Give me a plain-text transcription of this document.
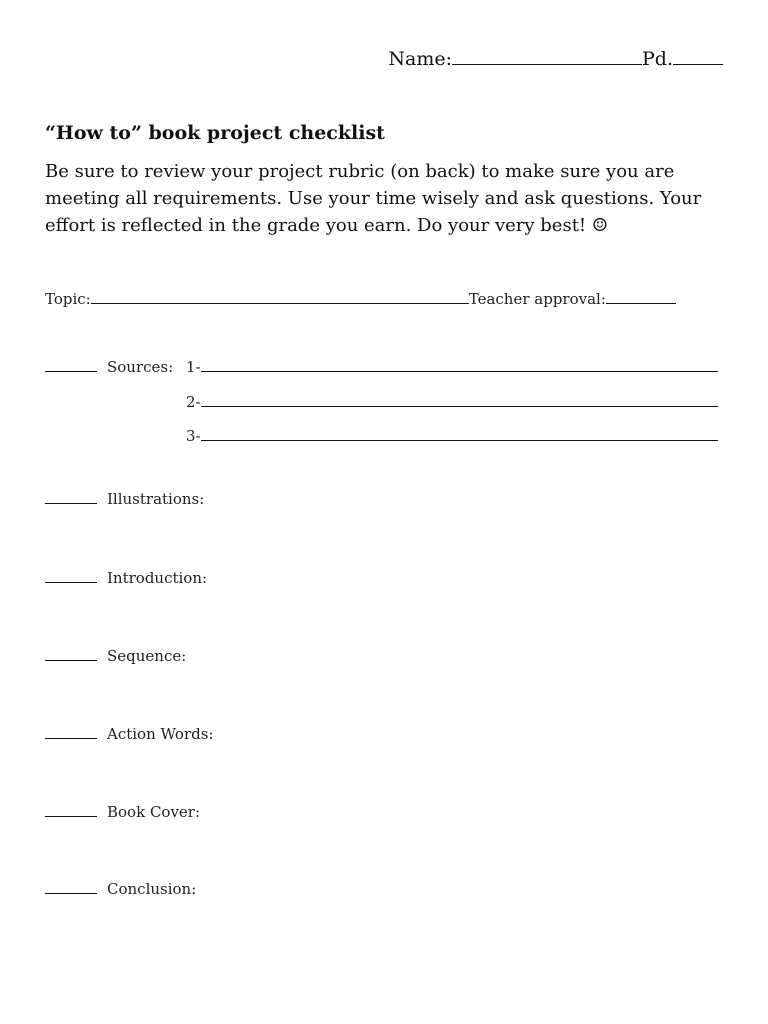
Name:	Pd.
“How to” book project checklist
Be sure to review your project rubric (on back) to make sure you are meeting all requirements. Use your time wisely and ask questions. Your effort is reflected in the grade you earn. Do your very best! ☺
Topic:	Teacher approval:
Sources: 1-
2-
3-
Illustrations:
Introduction:
Sequence:
Action Words:
Book Cover:
Conclusion:
